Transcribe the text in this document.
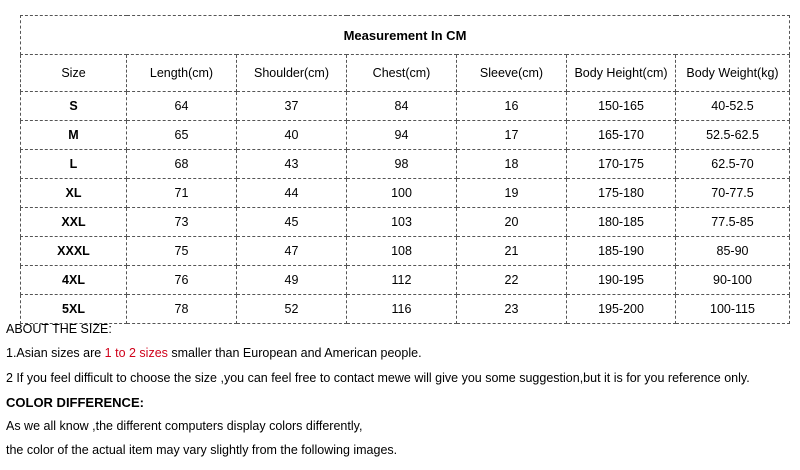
Measurement In CM						
Size	Length(cm)	Shoulder(cm)	Chest(cm)	Sleeve(cm)	Body Height(cm)	Body Weight(kg)
S	64	37	84	16	150-165	40-52.5
M	65	40	94	17	165-170	52.5-62.5
L	68	43	98	18	170-175	62.5-70
XL	71	44	100	19	175-180	70-77.5
XXL	73	45	103	20	180-185	77.5-85
XXXL	75	47	108	21	185-190	85-90
4XL	76	49	112	22	190-195	90-100
5XL	78	52	116	23	195-200	100-115

ABOUT THE SIZE:

1.Asian sizes are 1 to 2 sizes smaller than European and American people.

2 If you feel difficult to choose the size ,you can feel free to contact mewe will give you some suggestion,but it is for you reference only.

COLOR DIFFERENCE:

As we all know ,the different computers display colors differently,

the color of the actual item may vary slightly from the following images.
